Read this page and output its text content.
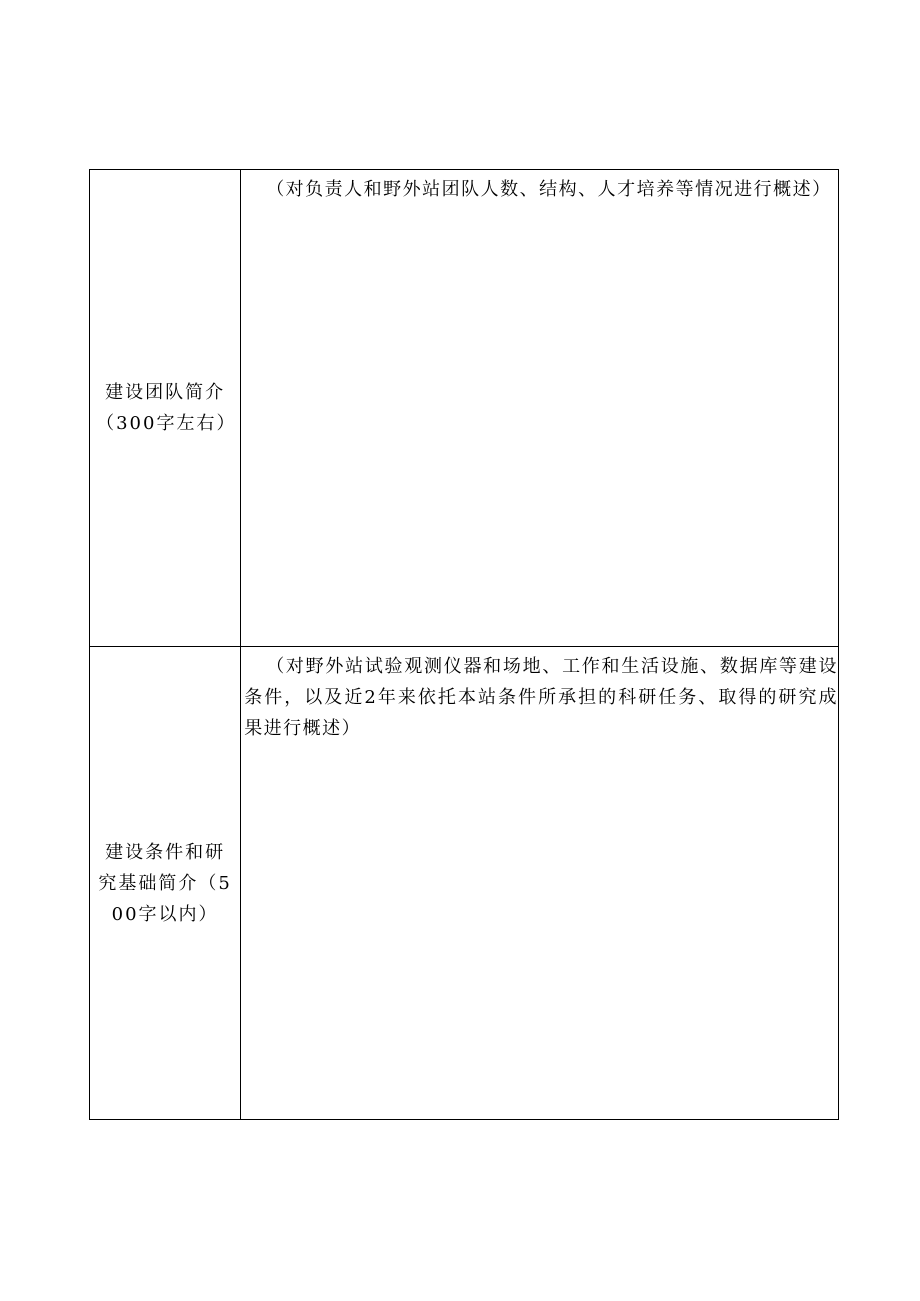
建设团队简介（300字左右）	（对负责人和野外站团队人数、结构、人才培养等情况进行概述）

建设条件和研究基础简介（500字以内）	（对野外站试验观测仪器和场地、工作和生活设施、数据库等建设条件，以及近2年来依托本站条件所承担的科研任务、取得的研究成果进行概述）
